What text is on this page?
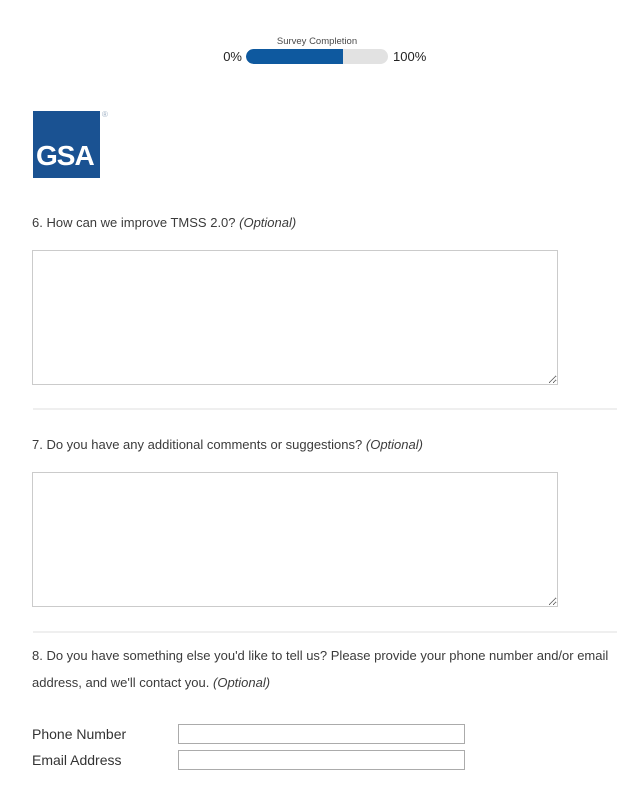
Survey Completion
0%	100%
GSA
®
6. How can we improve TMSS 2.0? (Optional)
7. Do you have any additional comments or suggestions? (Optional)
8. Do you have something else you'd like to tell us? Please provide your phone number and/or email address, and we'll contact you. (Optional)
Phone Number
Email Address
